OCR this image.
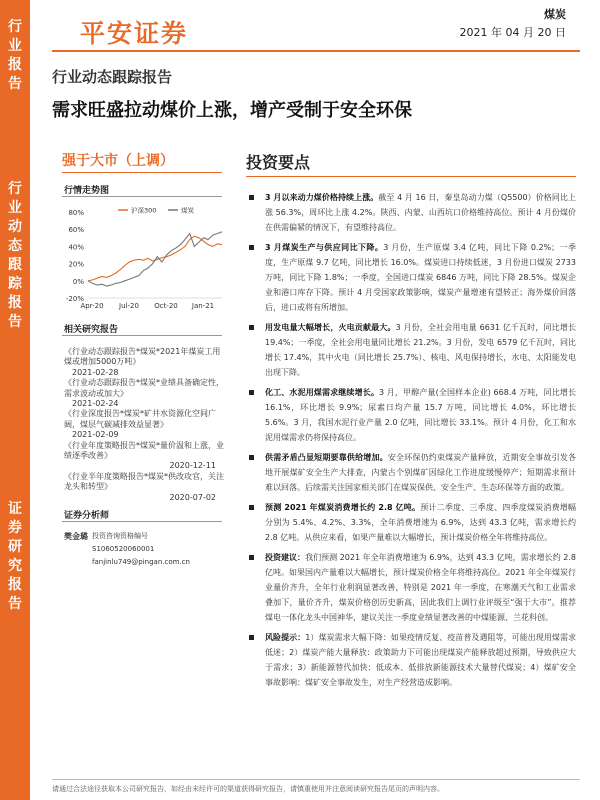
行
业
报
告
行
业
动
态
跟
踪
报
告
证
券
研
究
报
告
平安证券
煤炭
2021 年 04 月 20 日
行业动态跟踪报告
需求旺盛拉动煤价上涨，增产受制于安全环保
强于大市（上调）
行情走势图
-20%
0%
20%
40%
60%
80%
Apr-20 Jul-20 Oct-20 Jan-21
沪深300	煤炭
相关研究报告
《行业动态跟踪报告*煤炭*2021年煤炭工用煤或增加5000万吨》
2021-02-28
《行业动态跟踪报告*煤炭*业绩具备确定性，需求波动或加大》
2021-02-24
《行业深度报告*煤炭*矿井水资源化空间广阔，煤层气碳减排效益显著》
2021-02-09
《行业年度策略报告*煤炭*量价温和上涨，业绩逐季改善》
2020-12-11
《行业半年度策略报告*煤炭*供改攻官，关注龙头和转型》
2020-07-02
证券分析师
樊金璐 投资咨询资格编号
S1060520060001
fanjinlu749@pingan.com.cn
投资要点
3 月以来动力煤价格持续上涨。截至 4 月 16 日，秦皇岛动力煤（Q5500）价格同比上涨 56.3%，周环比上涨 4.2%。陕西、内蒙、山西坑口价格维持高位。预计 4 月份煤价在供需偏紧的情况下，有望维持高位。
3 月煤炭生产与供应同比下降。3 月份，生产原煤 3.4 亿吨，同比下降 0.2%；一季度，生产原煤 9.7 亿吨，同比增长 16.0%。煤炭进口持续低迷，3 月份进口煤炭 2733 万吨，同比下降 1.8%；一季度，全国进口煤炭 6846 万吨，同比下降 28.5%。煤炭企业和港口库存下降。预计 4 月受国家政策影响，煤炭产量增速有望转正；海外煤价回落后，进口或将有所增加。
用发电量大幅增长，火电贡献最大。3 月份，全社会用电量 6631 亿千瓦时，同比增长 19.4%；一季度，全社会用电量同比增长 21.2%。3 月份，发电 6579 亿千瓦时，同比增长 17.4%，其中火电（同比增长 25.7%）、核电、风电保持增长，水电、太阳能发电出现下降。
化工、水泥用煤需求继续增长。3 月，甲醇产量(全国样本企业) 668.4 万吨，同比增长 16.1%，环比增长 9.9%；尿素日均产量 15.7 万吨，同比增长 4.0%，环比增长 5.6%。3 月，我国水泥行业产量 2.0 亿吨，同比增长 33.1%。预计 4 月份，化工和水泥用煤需求仍将保持高位。
供需矛盾凸显短期要靠供给增加。安全环保仍约束煤炭产量释放，近期安全事故引发各地开展煤矿安全生产大排查，内蒙古个别煤矿因绿化工作进度缓慢停产；短期需求预计难以回落。后续需关注国家相关部门在煤炭保供、安全生产、生态环保等方面的政策。
预测 2021 年煤炭消费增长约 2.8 亿吨。预计二季度、三季度、四季度煤炭消费增幅分别为 5.4%、4.2%、3.3%，全年消费增速为 6.9%，达到 43.3 亿吨，需求增长约 2.8 亿吨。从供应来看，如果产量难以大幅增长，预计煤炭价格全年将维持高位。
投资建议：我们预测 2021 年全年消费增速为 6.9%，达到 43.3 亿吨，需求增长约 2.8 亿吨。如果国内产量难以大幅增长，预计煤炭价格全年将维持高位。2021 年全年煤炭行业量价齐升，全年行业利润显著改善，特别是 2021 年一季度，在寒潮天气和工业需求叠加下，量价齐升，煤炭价格创历史新高，因此我们上调行业评级至“强于大市”。推荐煤电一体化龙头中国神华，建议关注一季度业绩显著改善的中煤能源、兰花科创。
风险提示：1）煤炭需求大幅下降：如果疫情反复、疫苗普及遇阻等，可能出现用煤需求低迷；2）煤炭产能大量释放：政策助力下可能出现煤炭产能释放超过预期，导致供应大于需求；3）新能源替代加快：低成本、低排放新能源技术大量替代煤炭；4）煤矿安全事故影响：煤矿安全事故发生，对生产经营造成影响。
请通过合法途径获取本公司研究报告，如经由未经许可的渠道获得研究报告，请慎重使用并注意阅读研究报告尾页的声明内容。
